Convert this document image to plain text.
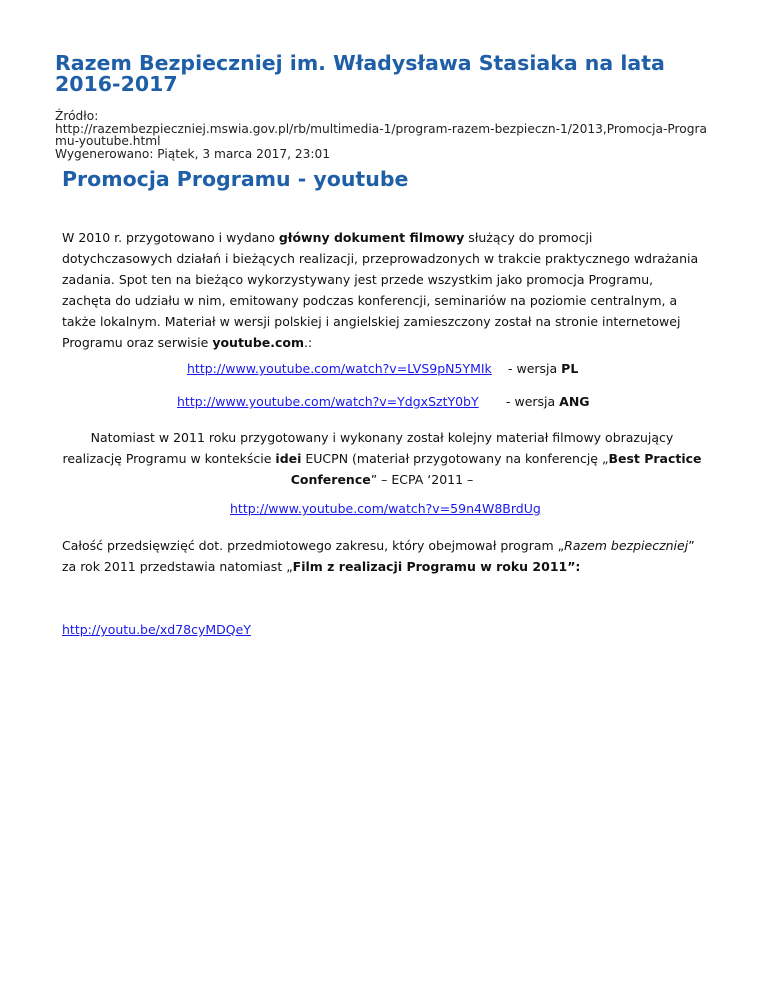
Razem Bezpieczniej im. Władysława Stasiaka na lata 2016-2017
Źródło:
http://razembezpieczniej.mswia.gov.pl/rb/multimedia-1/program-razem-bezpieczn-1/2013,Promocja-Programu-youtube.html
Wygenerowano: Piątek, 3 marca 2017, 23:01
Promocja Programu - youtube

W 2010 r. przygotowano i wydano główny dokument filmowy służący do promocji dotychczasowych działań i bieżących realizacji, przeprowadzonych w trakcie praktycznego wdrażania zadania. Spot ten na bieżąco wykorzystywany jest przede wszystkim jako promocja Programu, zachęta do udziału w nim, emitowany podczas konferencji, seminariów na poziomie centralnym, a także lokalnym. Materiał w wersji polskiej i angielskiej zamieszczony został na stronie internetowej Programu oraz serwisie youtube.com.:

http://www.youtube.com/watch?v=LVS9pN5YMIk - wersja PL
http://www.youtube.com/watch?v=YdgxSztY0bY - wersja ANG

Natomiast w 2011 roku przygotowany i wykonany został kolejny materiał filmowy obrazujący realizację Programu w kontekście idei EUCPN (materiał przygotowany na konferencję „Best Practice Conference” – ECPA ‘2011 –

http://www.youtube.com/watch?v=59n4W8BrdUg

Całość przedsięwzięć dot. przedmiotowego zakresu, który obejmował program „Razem bezpieczniej” za rok 2011 przedstawia natomiast „Film z realizacji Programu w roku 2011”:

http://youtu.be/xd78cyMDQeY
